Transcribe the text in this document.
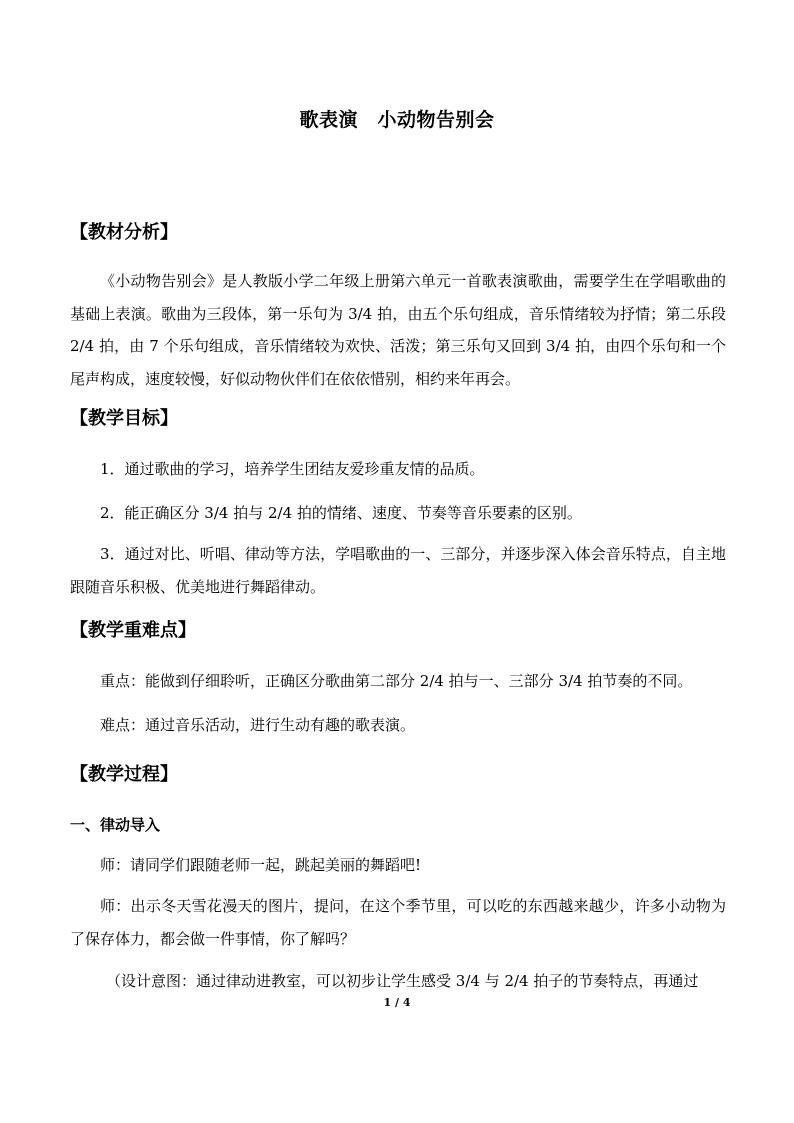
歌表演　小动物告别会
【教材分析】
《小动物告别会》是人教版小学二年级上册第六单元一首歌表演歌曲，需要学生在学唱歌曲的基础上表演。歌曲为三段体，第一乐句为 3/4 拍，由五个乐句组成，音乐情绪较为抒情；第二乐段 2/4 拍，由 7 个乐句组成，音乐情绪较为欢快、活泼；第三乐句又回到 3/4 拍，由四个乐句和一个尾声构成，速度较慢，好似动物伙伴们在依依惜别，相约来年再会。
【教学目标】
1．通过歌曲的学习，培养学生团结友爱珍重友情的品质。
2．能正确区分 3/4 拍与 2/4 拍的情绪、速度、节奏等音乐要素的区别。
3．通过对比、听唱、律动等方法，学唱歌曲的一、三部分，并逐步深入体会音乐特点，自主地跟随音乐积极、优美地进行舞蹈律动。
【教学重难点】
重点：能做到仔细聆听，正确区分歌曲第二部分 2/4 拍与一、三部分 3/4 拍节奏的不同。
难点：通过音乐活动，进行生动有趣的歌表演。
【教学过程】
一、律动导入
师：请同学们跟随老师一起，跳起美丽的舞蹈吧!
师：出示冬天雪花漫天的图片，提问，在这个季节里，可以吃的东西越来越少，许多小动物为了保存体力，都会做一件事情，你了解吗？
（设计意图：通过律动进教室，可以初步让学生感受 3/4 与 2/4 拍子的节奏特点，再通过
1 / 4
